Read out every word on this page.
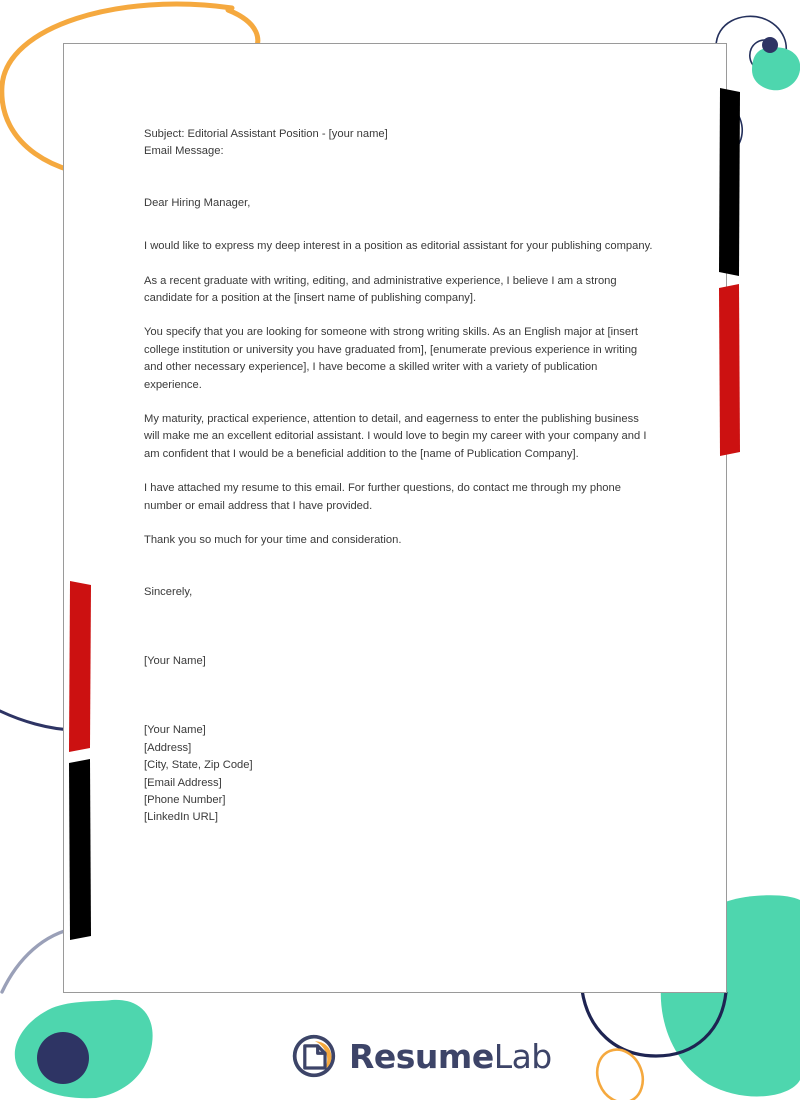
Subject: Editorial Assistant Position - [your name]

Email Message:

Dear Hiring Manager,

I would like to express my deep interest in a position as editorial assistant for your publishing company.

As a recent graduate with writing, editing, and administrative experience, I believe I am a strong candidate for a position at the [insert name of publishing company].

You specify that you are looking for someone with strong writing skills. As an English major at [insert college institution or university you have graduated from], [enumerate previous experience in writing and other necessary experience], I have become a skilled writer with a variety of publication experience.

My maturity, practical experience, attention to detail, and eagerness to enter the publishing business will make me an excellent editorial assistant. I would love to begin my career with your company and I am confident that I would be a beneficial addition to the [name of Publication Company].

I have attached my resume to this email. For further questions, do contact me through my phone number or email address that I have provided.

Thank you so much for your time and consideration.

Sincerely,

[Your Name]

[Your Name]

[Address]

[City, State, Zip Code]

[Email Address]

[Phone Number]

[LinkedIn URL]

ResumeLab
